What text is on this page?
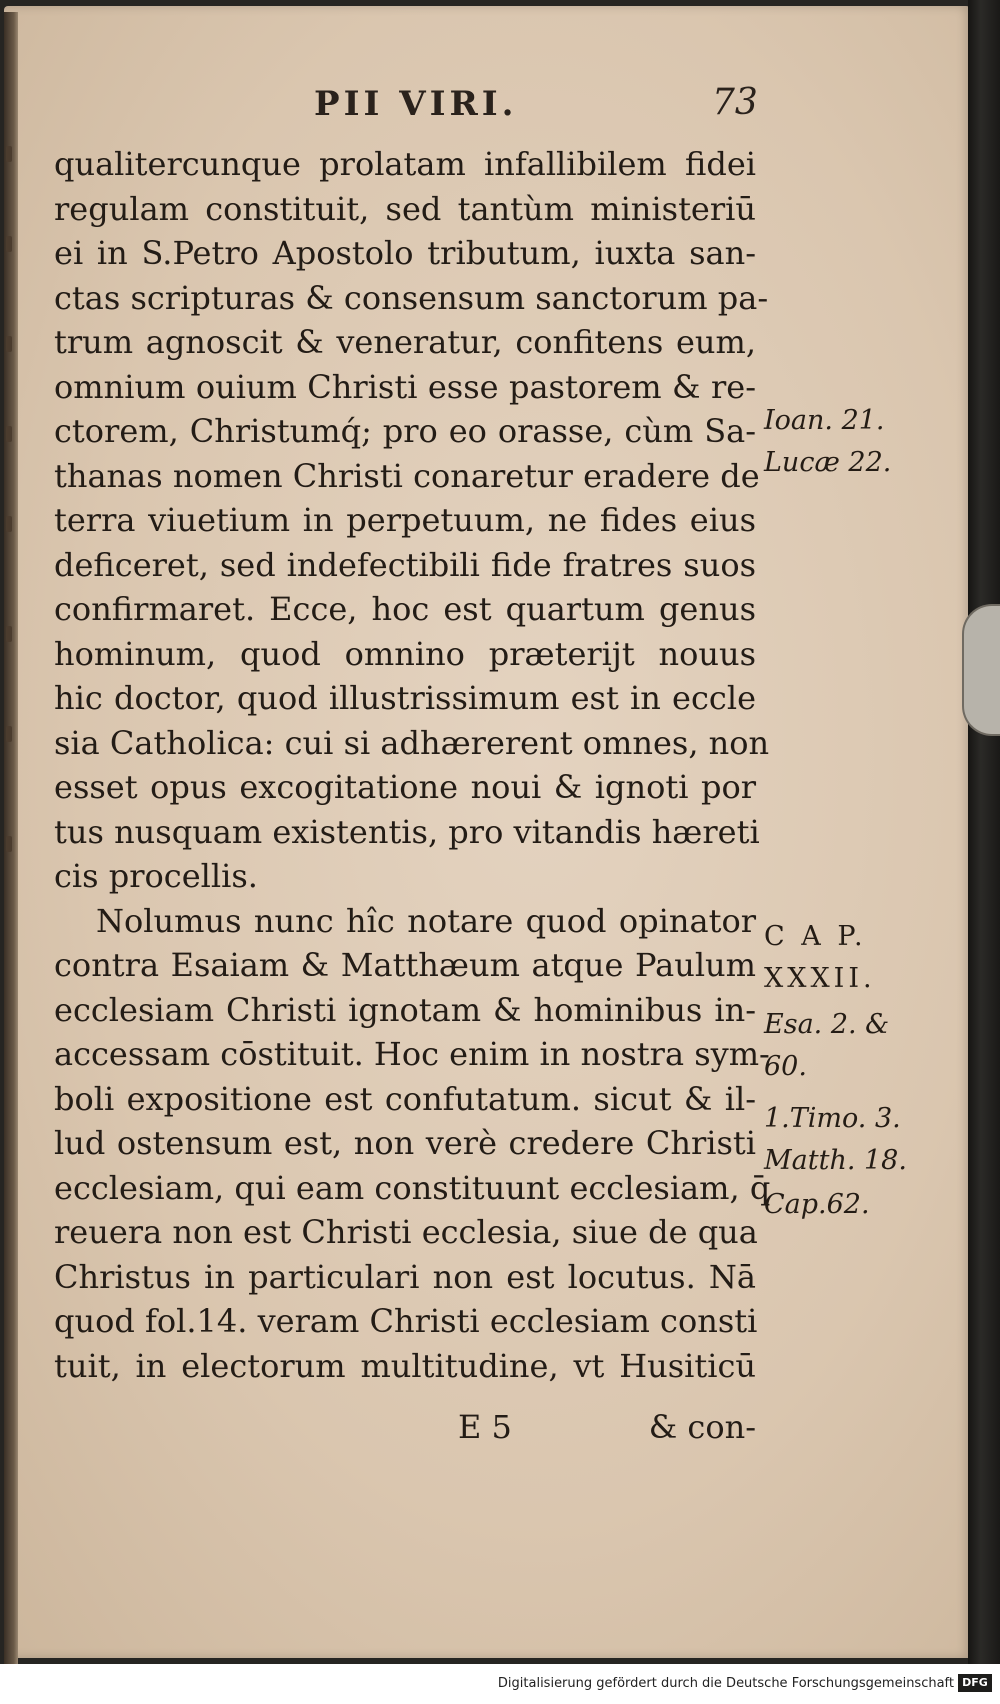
PII VIRI.	73
qualitercunque prolatam infallibilem fidei
regulam constituit, sed tantùm ministeriū
ei in S.Petro Apostolo tributum, iuxta san-
ctas scripturas & consensum sanctorum pa-
trum agnoscit & veneratur, confitens eum,
omnium ouium Christi esse pastorem & re-
ctorem, Christumq́; pro eo orasse, cùm Sa-
thanas nomen Christi conaretur eradere de
terra viuetium in perpetuum, ne fides eius
deficeret, sed indefectibili fide fratres suos
confirmaret. Ecce, hoc est quartum genus
hominum, quod omnino prӕterijt nouus
hic doctor, quod illustrissimum est in eccle
sia Catholica: cui si adhӕrerent omnes, non
esset opus excogitatione noui & ignoti por
tus nusquam existentis, pro vitandis hӕreti
cis procellis.
Nolumus nunc hîc notare quod opinator
contra Esaiam & Matthӕum atque Paulum
ecclesiam Christi ignotam & hominibus in-
accessam cōstituit. Hoc enim in nostra sym-
boli expositione est confutatum. sicut & il-
lud ostensum est, non verè credere Christi
ecclesiam, qui eam constituunt ecclesiam, q̄
reuera non est Christi ecclesia, siue de qua
Christus in particulari non est locutus. Nā
quod fol.14. veram Christi ecclesiam consti
tuit, in electorum multitudine, vt Husiticū
Ioan. 21.
Lucӕ 22.
C A P.
XXXII.
Esa. 2. &
60.
1.Timo. 3.
Matth. 18.
Cap.62.
E 5	& con-
Digitalisierung gefördert durch die Deutsche Forschungsgemeinschaft DFG
